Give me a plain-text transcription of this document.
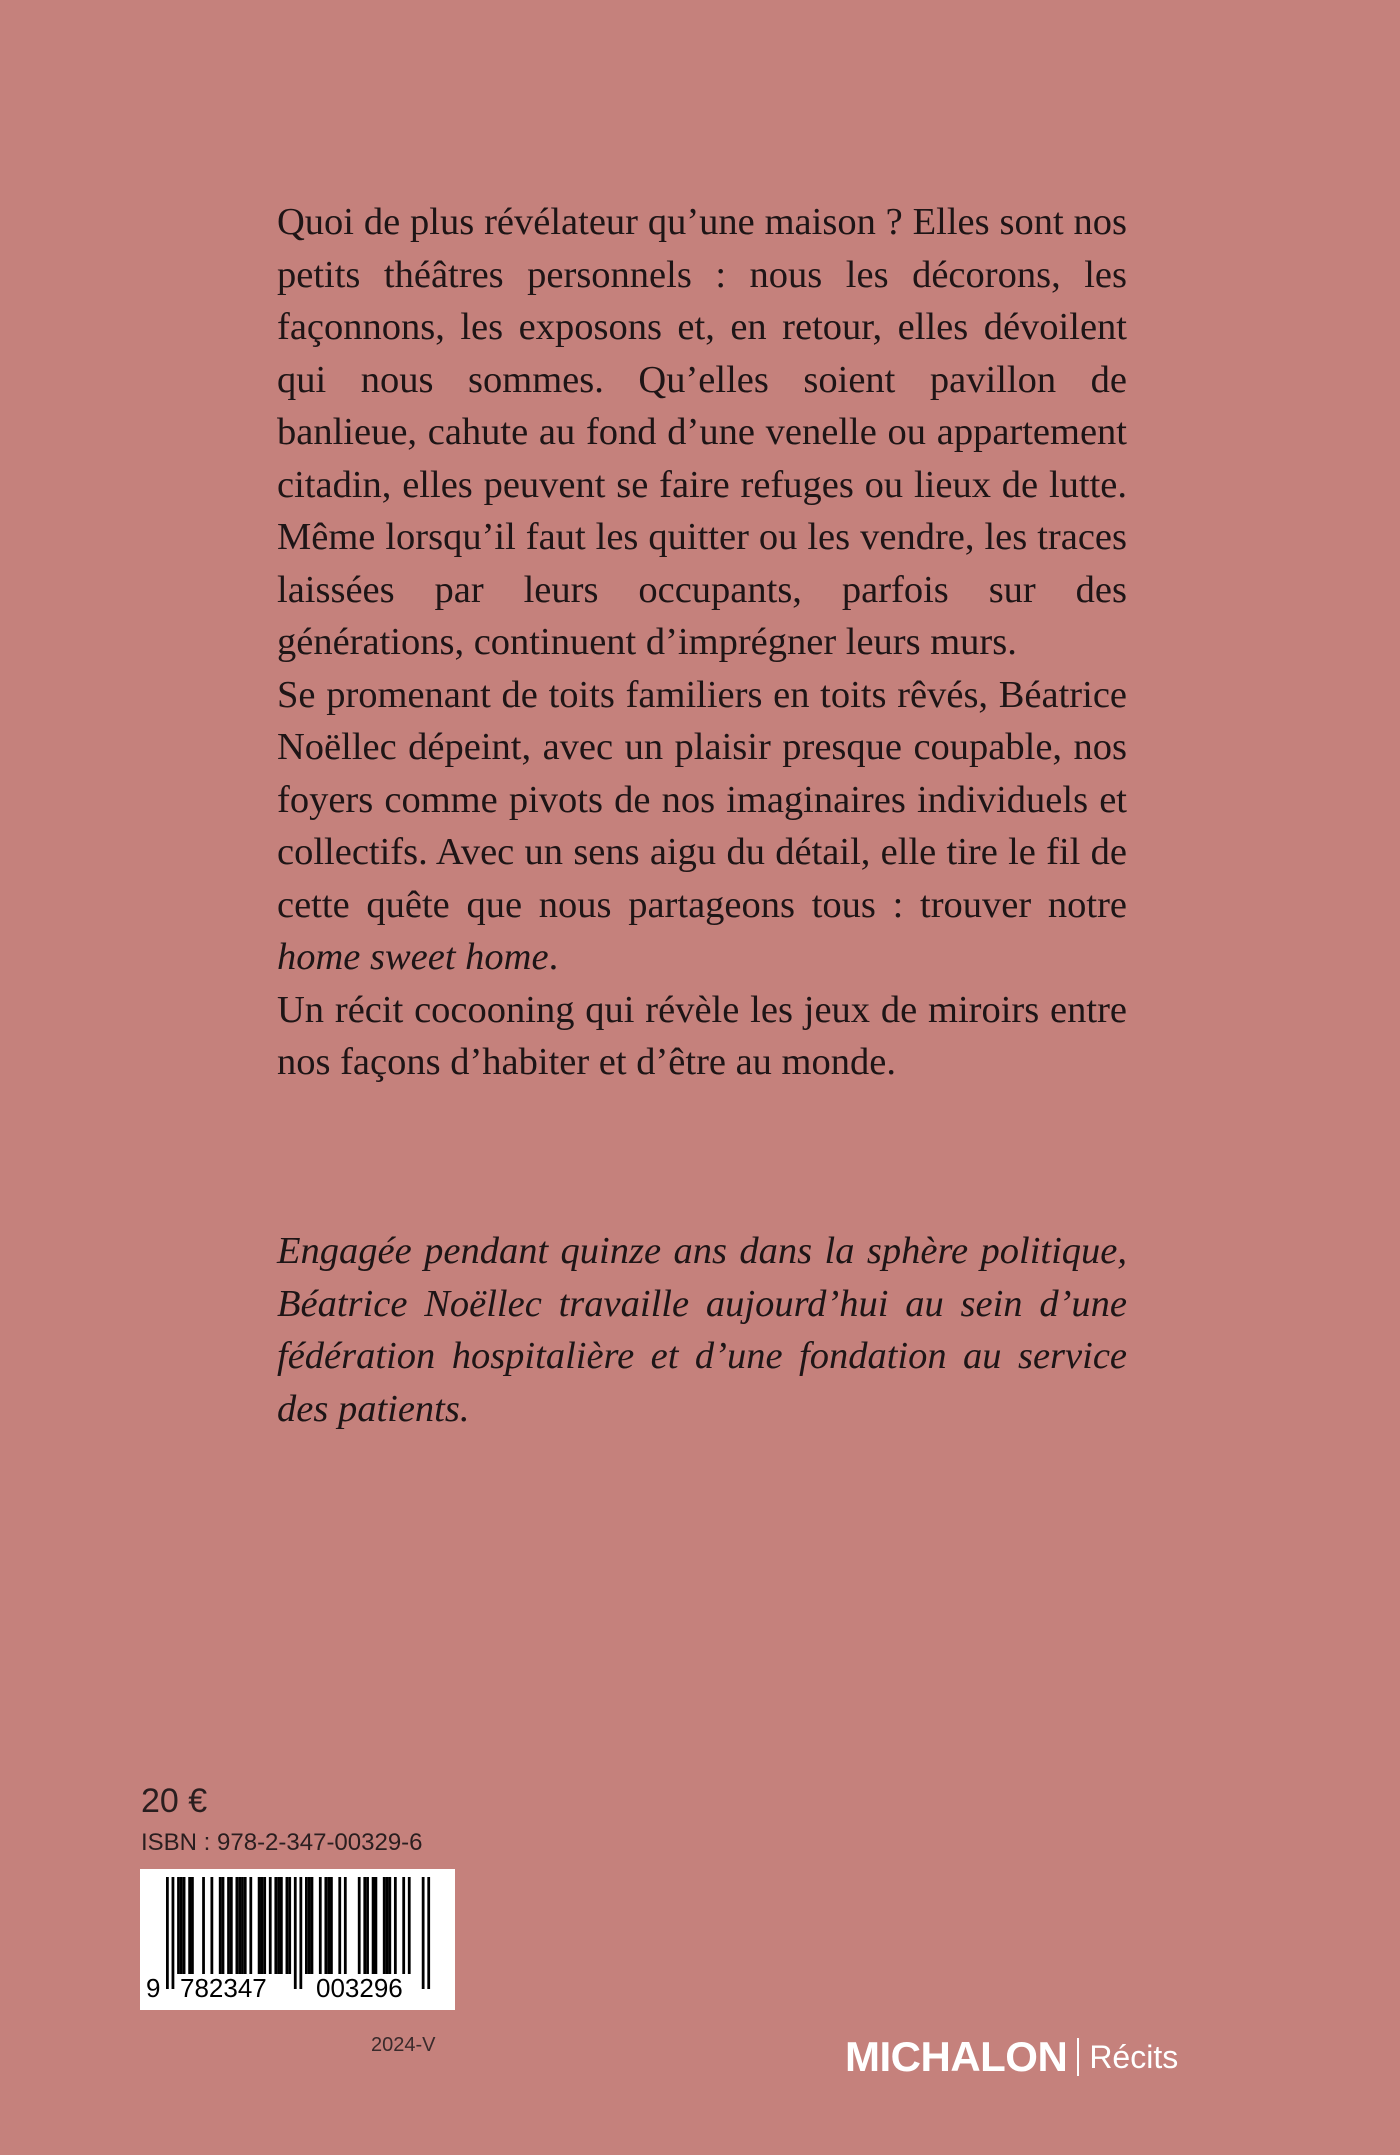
Quoi de plus révélateur qu’une maison ? Elles sont nos petits théâtres personnels : nous les décorons, les façonnons, les exposons et, en retour, elles dévoilent qui nous sommes. Qu’elles soient pavillon de banlieue, cahute au fond d’une venelle ou appartement citadin, elles peuvent se faire refuges ou lieux de lutte. Même lorsqu’il faut les quitter ou les vendre, les traces laissées par leurs occupants, parfois sur des générations, continuent d’imprégner leurs murs.

Se promenant de toits familiers en toits rêvés, Béatrice Noëllec dépeint, avec un plaisir presque coupable, nos foyers comme pivots de nos imaginaires individuels et collectifs. Avec un sens aigu du détail, elle tire le fil de cette quête que nous partageons tous : trouver notre home sweet home.

Un récit cocooning qui révèle les jeux de miroirs entre nos façons d’habiter et d’être au monde.

Engagée pendant quinze ans dans la sphère politique, Béatrice Noëllec travaille aujourd’hui au sein d’une fédération hospitalière et d’une fondation au service des patients.

20 €
ISBN : 978-2-347-00329-6
9 782347 003296
2024-V	MICHALON Récits
